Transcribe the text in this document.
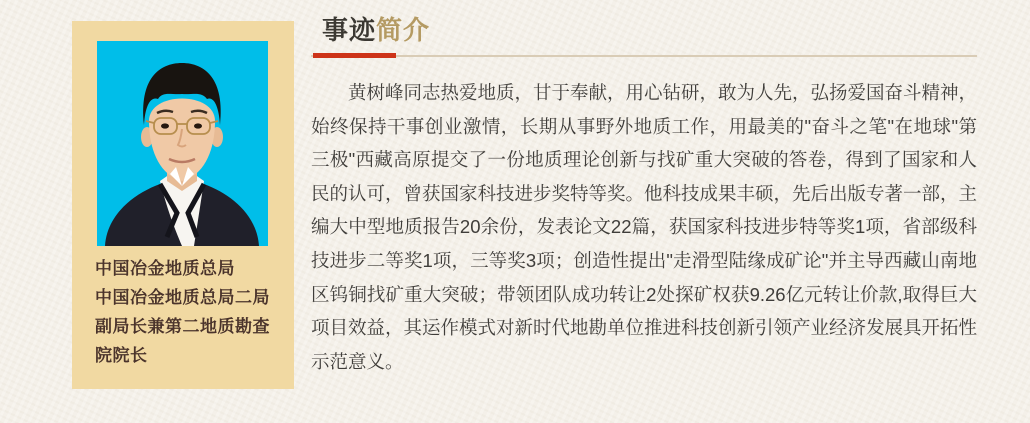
中国冶金地质总局
中国冶金地质总局二局
副局长兼第二地质勘查
院院长
事迹简介

黄树峰同志热爱地质，甘于奉献，用心钻研，敢为人先，弘扬爱国奋斗精神，始终保持干事创业激情，长期从事野外地质工作，用最美的"奋斗之笔"在地球"第三极"西藏高原提交了一份地质理论创新与找矿重大突破的答卷，得到了国家和人民的认可，曾获国家科技进步奖特等奖。他科技成果丰硕，先后出版专著一部，主编大中型地质报告20余份，发表论文22篇，获国家科技进步特等奖1项，省部级科技进步二等奖1项，三等奖3项；创造性提出"走滑型陆缘成矿论"并主导西藏山南地区钨铜找矿重大突破；带领团队成功转让2处探矿权获9.26亿元转让价款,取得巨大项目效益，其运作模式对新时代地勘单位推进科技创新引领产业经济发展具开拓性示范意义。
